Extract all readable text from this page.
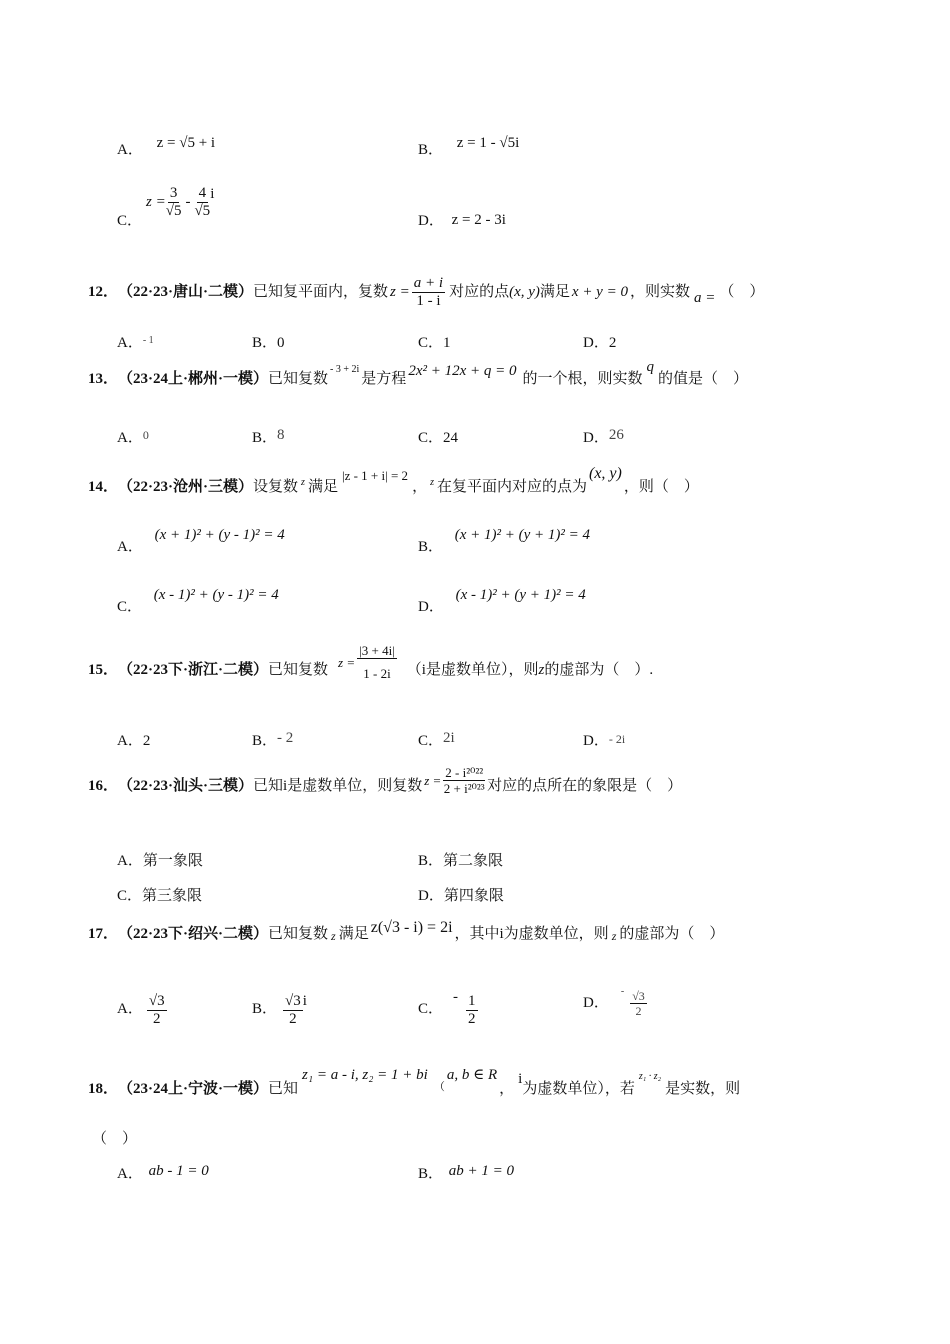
A． z = √5 + i	B． z = 1 - √5i
C．
$z = \frac{3}{√5} - \frac{4}{√5}$ i
D． z = 2 - 3i
12． （22·23·唐山·二模） 已知复平面内，复数 $z = \frac{a + i}{1 - i}$ 对应的点 (x, y) 满足 x + y = 0 ，则实数 a = （　）
A．$^{- 1}$	B．0	C．1	D．2
13． （23·24上·郴州·一模） 已知复数
- 3 + 2i
是方程 2x² + 12x + q = 0 的一个根，则实数
q
的值是（　）
A．$^0$	B．8	C．24	D．26
14． （22·23·沧州·三模） 设复数 z 满足
|z - 1 + i| = 2
， z 在复平面内对应的点为
(x, y)
，则（　）
A． (x + 1)² + (y - 1)² = 4
B． (x + 1)² + (y + 1)² = 4
C． (x - 1)² + (y - 1)² = 4
D． (x - 1)² + (y + 1)² = 4
15． （22·23下·浙江·二模） 已知复数 $z = \frac{|3 + 4i|}{1 - 2i} (i$是虚数单位），则 z 的虚部为（　）.
A．2	B．- 2	C．2i	D．- 2i
16． （22·23·汕头·三模） 已知i是虚数单位，则复数 $z = \frac{\text{2 - i²⁰²²}}{\text{2 + i²⁰²³}}$ 对应的点所在的象限是（　）
A．第一象限	B．第二象限
C．第三象限	D．第四象限
17． （22·23下·绍兴·二模） 已知复数 z 满足 z(√3 - i) = 2i ，其中i为虚数单位，则 z 的虚部为（　）
A． $\frac{√3}{2}$	B． $\frac{√3}{2}$ i	C．
- $\frac{1}{2}$	D．
- $\frac{√3}{2}$
18． （23·24上·宁波·一模） 已知
z₁ = a - i, z₂ = 1 + bi
（
a, b ∈ R
，
i
为虚数单位），若
z₁ · z₂
是实数，则
（　）
A． ab - 1 = 0	B． ab + 1 = 0
